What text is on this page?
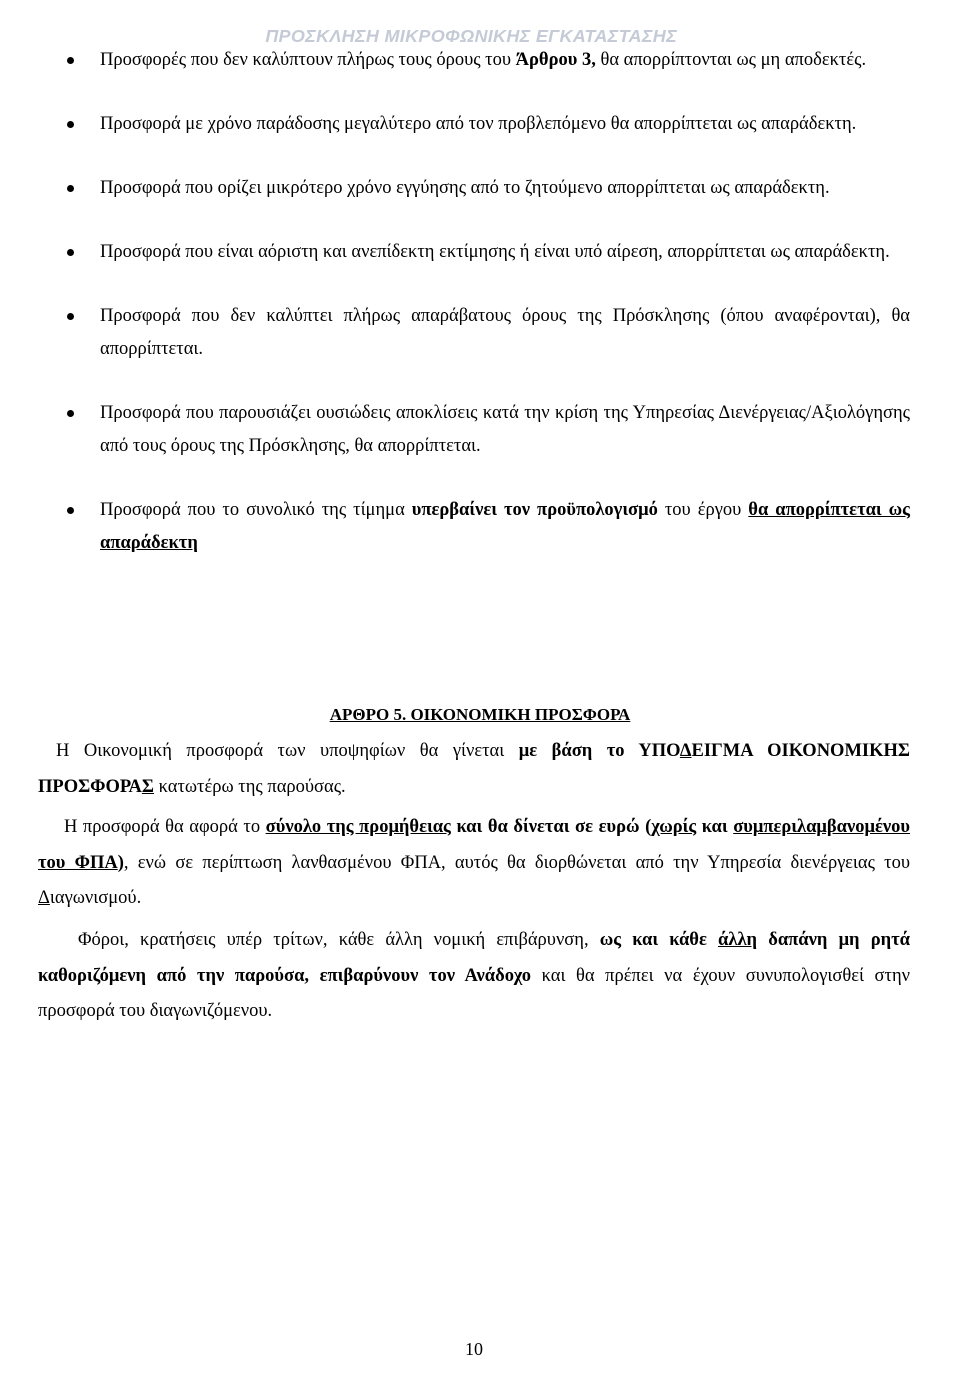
ΠΡΟΣΚΛΗΣΗ ΜΙΚΡΟΦΩΝΙΚΗΣ ΕΓΚΑΤΑΣΤΑΣΗΣ
Προσφορές που δεν καλύπτουν πλήρως τους όρους του Άρθρου 3, θα απορρίπτονται ως μη αποδεκτές.
Προσφορά με χρόνο παράδοσης μεγαλύτερο από τον προβλεπόμενο θα απορρίπτεται ως απαράδεκτη.
Προσφορά που ορίζει μικρότερο χρόνο εγγύησης από το ζητούμενο απορρίπτεται ως απαράδεκτη.
Προσφορά που είναι αόριστη και ανεπίδεκτη εκτίμησης ή είναι υπό αίρεση, απορρίπτεται ως απαράδεκτη.
Προσφορά που δεν καλύπτει πλήρως απαράβατους όρους της Πρόσκλησης (όπου αναφέρονται), θα απορρίπτεται.
Προσφορά που παρουσιάζει ουσιώδεις αποκλίσεις κατά την κρίση της Υπηρεσίας Διενέργειας/Αξιολόγησης από τους όρους της Πρόσκλησης, θα απορρίπτεται.
Προσφορά που το συνολικό της τίμημα υπερβαίνει τον προϋπολογισμό του έργου θα απορρίπτεται ως απαράδεκτη
ΑΡΘΡΟ 5. ΟΙΚΟΝΟΜΙΚΗ ΠΡΟΣΦΟΡΑ
Η Οικονομική προσφορά των υποψηφίων θα γίνεται με βάση το ΥΠΟΔΕΙΓΜΑ ΟΙΚΟΝΟΜΙΚΗΣ ΠΡΟΣΦΟΡΑΣ κατωτέρω της παρούσας.
Η προσφορά θα αφορά το σύνολο της προμήθειας και θα δίνεται σε ευρώ (χωρίς και συμπεριλαμβανομένου του ΦΠΑ), ενώ σε περίπτωση λανθασμένου ΦΠΑ, αυτός θα διορθώνεται από την Υπηρεσία διενέργειας του Διαγωνισμού.
Φόροι, κρατήσεις υπέρ τρίτων, κάθε άλλη νομική επιβάρυνση, ως και κάθε άλλη δαπάνη μη ρητά καθοριζόμενη από την παρούσα, επιβαρύνουν τον Ανάδοχο και θα πρέπει να έχουν συνυπολογισθεί στην προσφορά του διαγωνιζόμενου.
10
